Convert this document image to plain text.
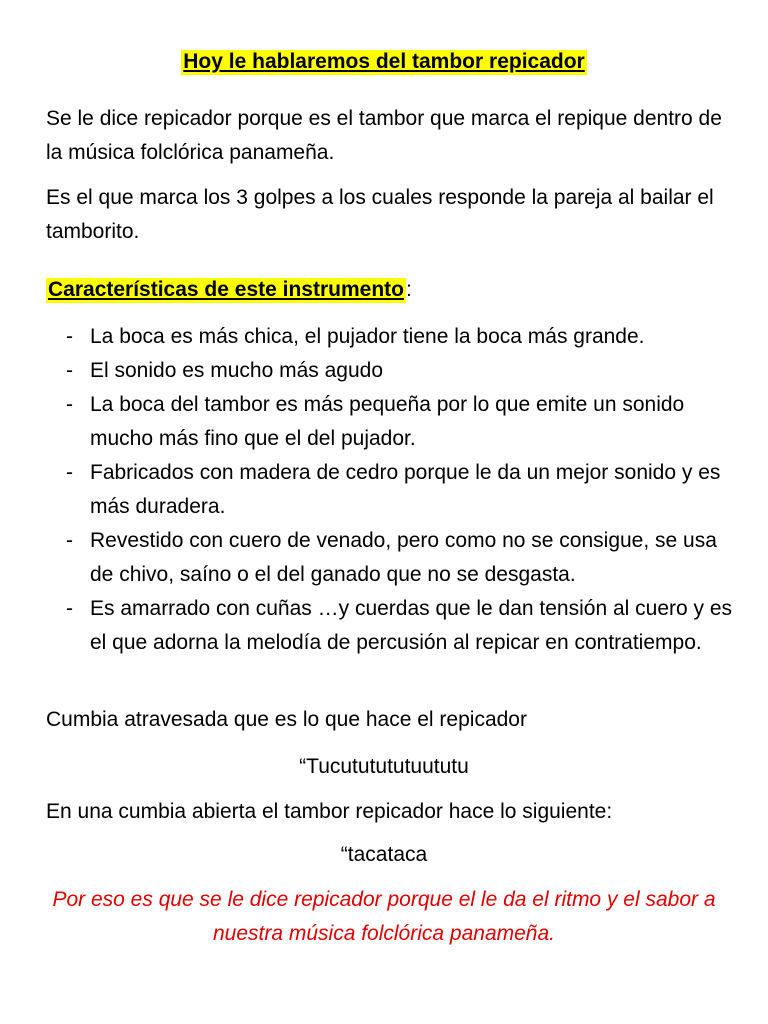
Hoy le hablaremos del tambor repicador
Se le dice repicador porque es el tambor que marca el repique dentro de la música folclórica panameña.
Es el que marca los 3 golpes a los cuales responde la pareja al bailar el tamborito.
Características de este instrumento:
- La boca es más chica, el pujador tiene la boca más grande.
- El sonido es mucho más agudo
- La boca del tambor es más pequeña por lo que emite un sonido mucho más fino que el del pujador.
- Fabricados con madera de cedro porque le da un mejor sonido y es más duradera.
- Revestido con cuero de venado, pero como no se consigue, se usa de chivo, saíno o el del ganado que no se desgasta.
- Es amarrado con cuñas …y cuerdas que le dan tensión al cuero y es el que adorna la melodía de percusión al repicar en contratiempo.
Cumbia atravesada que es lo que hace el repicador
“Tucututututuututu
En una cumbia abierta el tambor repicador hace lo siguiente:
“tacataca
Por eso es que se le dice repicador porque el le da el ritmo y el sabor a nuestra música folclórica panameña.
